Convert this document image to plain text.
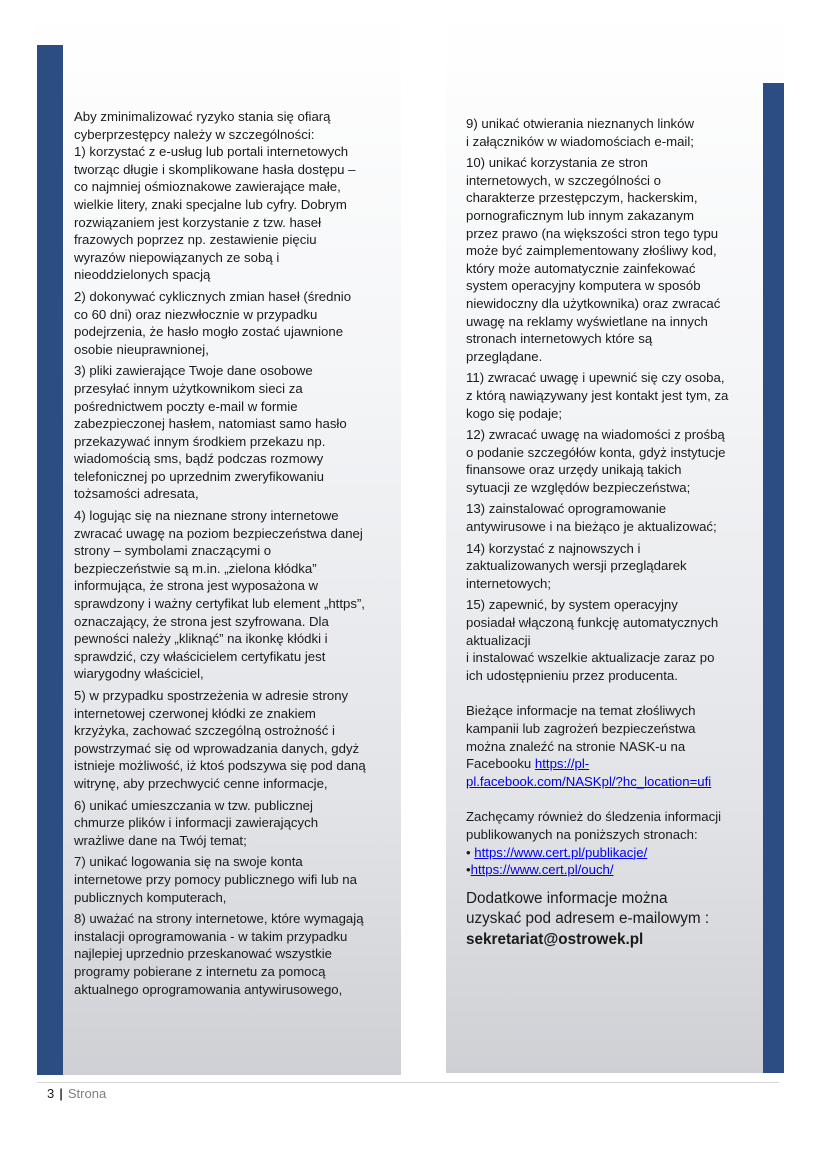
Aby zminimalizować ryzyko stania się ofiarą
cyberprzestępcy należy w szczególności:
1) korzystać z e-usług lub portali internetowych
tworząc długie i skomplikowane hasła dostępu –
co najmniej ośmioznakowe zawierające małe,
wielkie litery, znaki specjalne lub cyfry. Dobrym
rozwiązaniem jest korzystanie z tzw. haseł
frazowych poprzez np. zestawienie pięciu
wyrazów niepowiązanych ze sobą i
nieoddzielonych spacją

2) dokonywać cyklicznych zmian haseł (średnio
co 60 dni) oraz niezwłocznie w przypadku
podejrzenia, że hasło mogło zostać ujawnione
osobie nieuprawnionej,

3) pliki zawierające Twoje dane osobowe
przesyłać innym użytkownikom sieci za
pośrednictwem poczty e-mail w formie
zabezpieczonej hasłem, natomiast samo hasło
przekazywać innym środkiem przekazu np.
wiadomością sms, bądź podczas rozmowy
telefonicznej po uprzednim zweryfikowaniu
tożsamości adresata,

4) logując się na nieznane strony internetowe
zwracać uwagę na poziom bezpieczeństwa danej
strony – symbolami znaczącymi o
bezpieczeństwie są m.in. „zielona kłódka”
informująca, że strona jest wyposażona w
sprawdzony i ważny certyfikat lub element „https”,
oznaczający, że strona jest szyfrowana. Dla
pewności należy „kliknąć” na ikonkę kłódki i
sprawdzić, czy właścicielem certyfikatu jest
wiarygodny właściciel,

5) w przypadku spostrzeżenia w adresie strony
internetowej czerwonej kłódki ze znakiem
krzyżyka, zachować szczególną ostrożność i
powstrzymać się od wprowadzania danych, gdyż
istnieje możliwość, iż ktoś podszywa się pod daną
witrynę, aby przechwycić cenne informacje,

6) unikać umieszczania w tzw. publicznej
chmurze plików i informacji zawierających
wrażliwe dane na Twój temat;

7) unikać logowania się na swoje konta
internetowe przy pomocy publicznego wifi lub na
publicznych komputerach,

8) uważać na strony internetowe, które wymagają
instalacji oprogramowania - w takim przypadku
najlepiej uprzednio przeskanować wszystkie
programy pobierane z internetu za pomocą
aktualnego oprogramowania antywirusowego,

9) unikać otwierania nieznanych linków
i załączników w wiadomościach e-mail;

10) unikać korzystania ze stron
internetowych, w szczególności o
charakterze przestępczym, hackerskim,
pornograficznym lub innym zakazanym
przez prawo (na większości stron tego typu
może być zaimplementowany złośliwy kod,
który może automatycznie zainfekować
system operacyjny komputera w sposób
niewidoczny dla użytkownika) oraz zwracać
uwagę na reklamy wyświetlane na innych
stronach internetowych które są
przeglądane.

11) zwracać uwagę i upewnić się czy osoba,
z którą nawiązywany jest kontakt jest tym, za
kogo się podaje;

12) zwracać uwagę na wiadomości z prośbą
o podanie szczegółów konta, gdyż instytucje
finansowe oraz urzędy unikają takich
sytuacji ze względów bezpieczeństwa;

13) zainstalować oprogramowanie
antywirusowe i na bieżąco je aktualizować;

14) korzystać z najnowszych i
zaktualizowanych wersji przeglądarek
internetowych;

15) zapewnić, by system operacyjny
posiadał włączoną funkcję automatycznych
aktualizacji
i instalować wszelkie aktualizacje zaraz po
ich udostępnieniu przez producenta.

Bieżące informacje na temat złośliwych
kampanii lub zagrożeń bezpieczeństwa
można znaleźć na stronie NASK-u na
Facebooku https://pl-
pl.facebook.com/NASKpl/?hc_location=ufi

Zachęcamy również do śledzenia informacji
publikowanych na poniższych stronach:
• https://www.cert.pl/publikacje/
•https://www.cert.pl/ouch/

Dodatkowe informacje można
uzyskać pod adresem e-mailowym :
sekretariat@ostrowek.pl
3 | Strona
